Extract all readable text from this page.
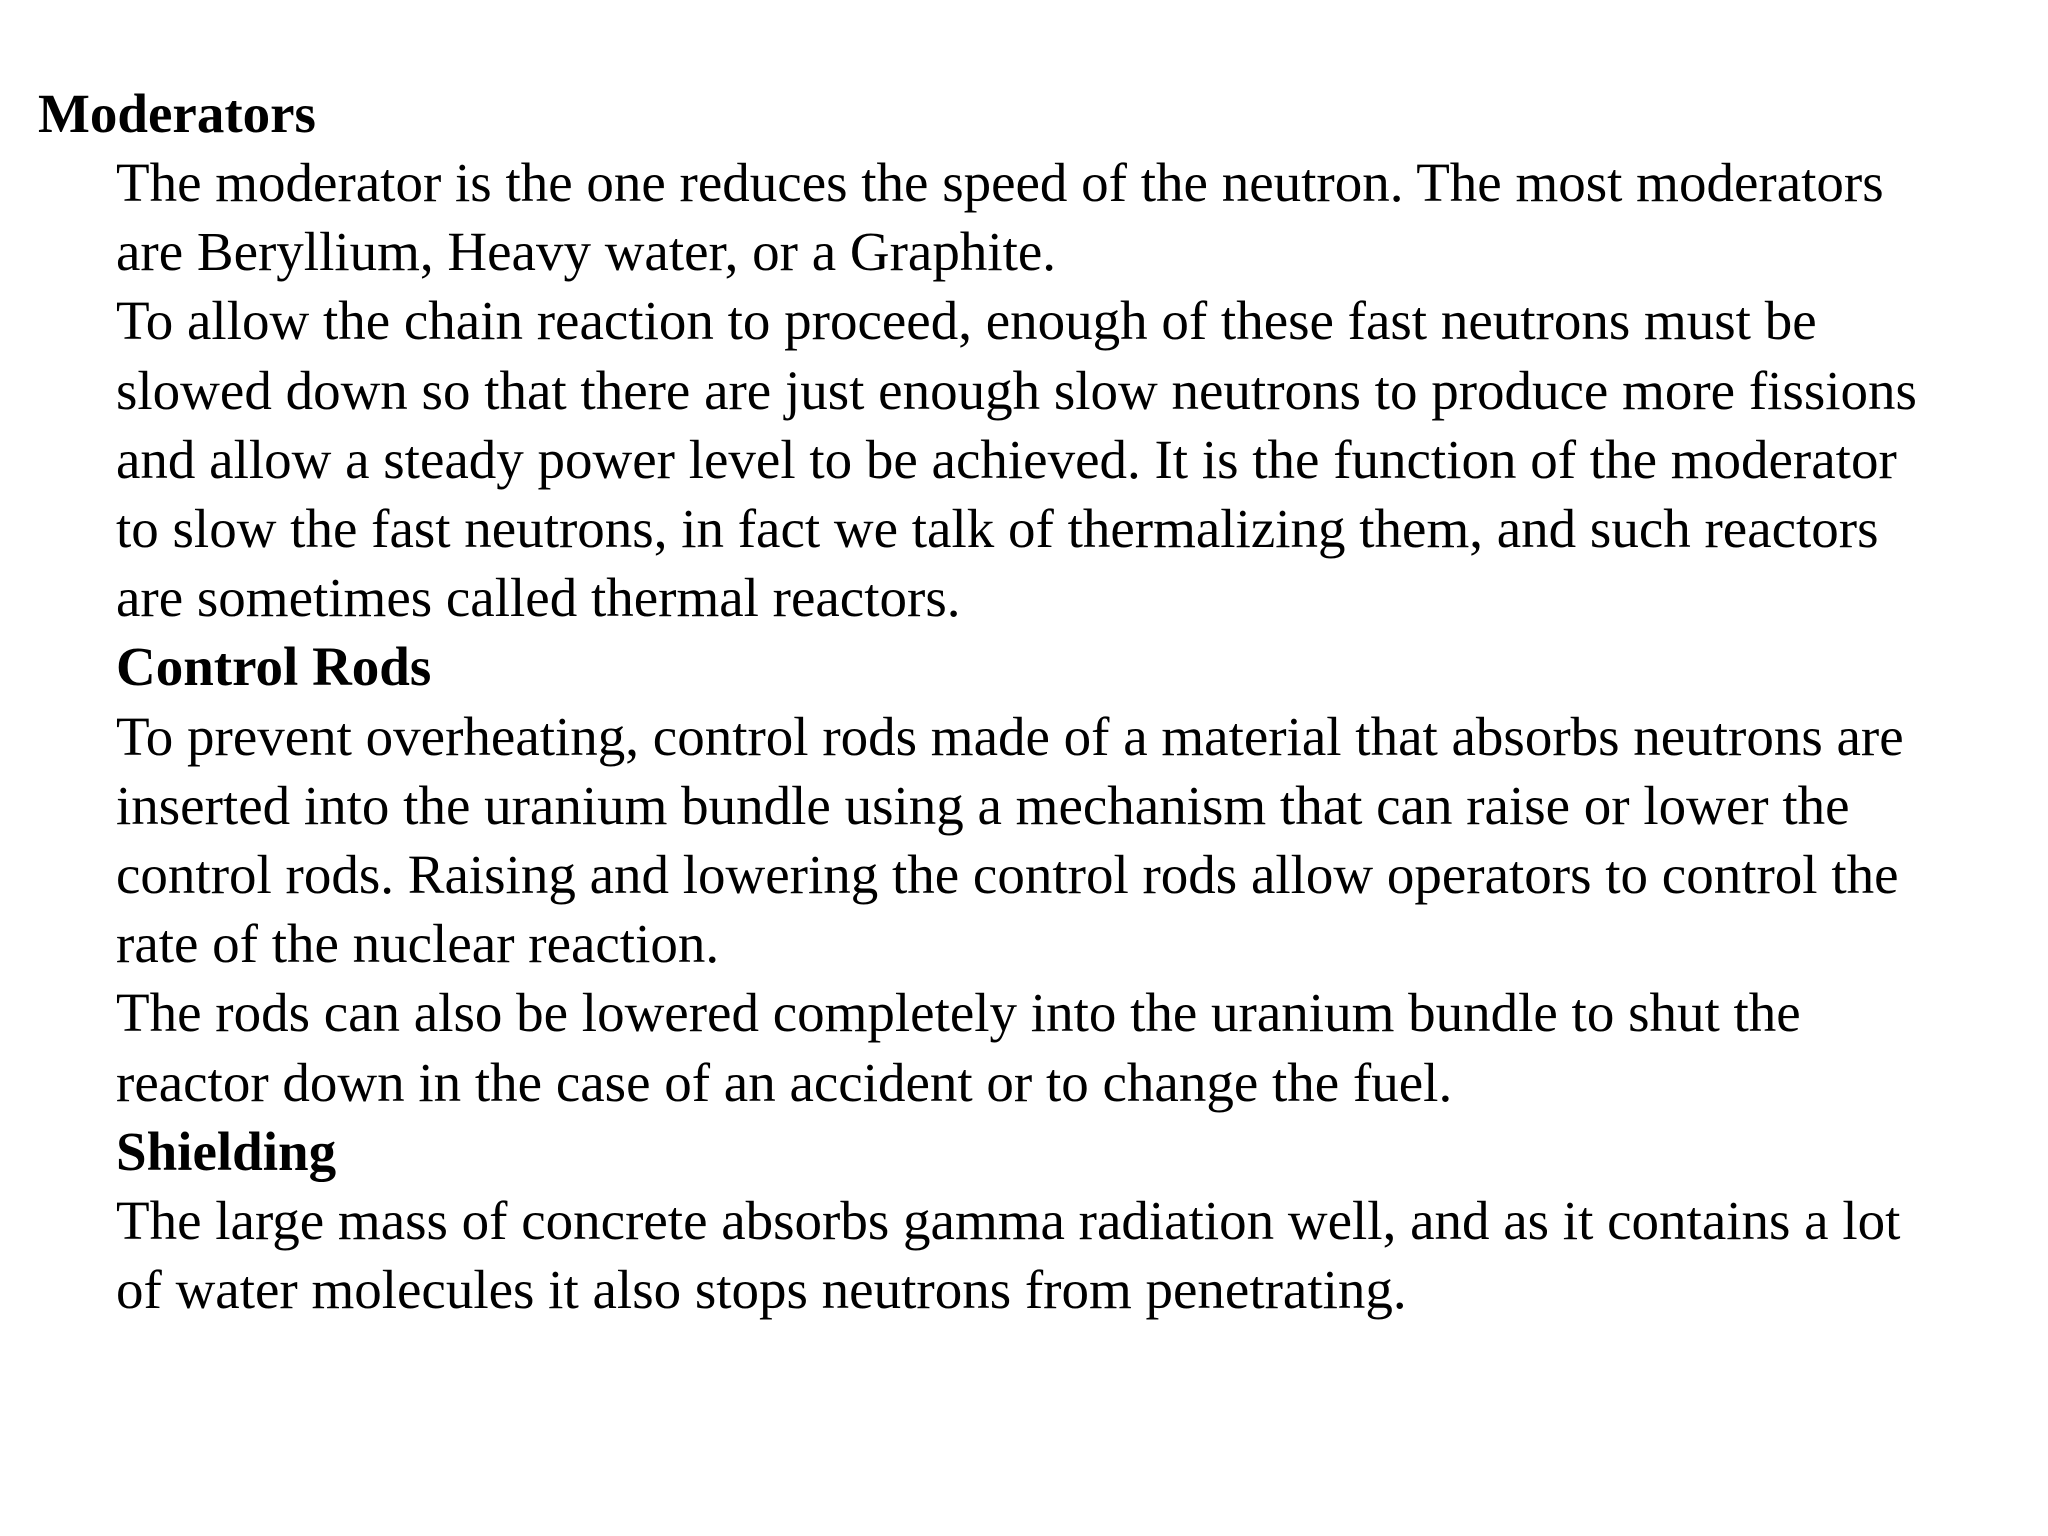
Moderators
The moderator is the one reduces the speed of the neutron. The most moderators
are Beryllium, Heavy water, or a Graphite.
To allow the chain reaction to proceed, enough of these fast neutrons must be
slowed down so that there are just enough slow neutrons to produce more fissions
and allow a steady power level to be achieved. It is the function of the moderator
to slow the fast neutrons, in fact we talk of thermalizing them, and such reactors
are sometimes called thermal reactors.
Control Rods
To prevent overheating, control rods made of a material that absorbs neutrons are
inserted into the uranium bundle using a mechanism that can raise or lower the
control rods. Raising and lowering the control rods allow operators to control the
rate of the nuclear reaction.
The rods can also be lowered completely into the uranium bundle to shut the
reactor down in the case of an accident or to change the fuel.
Shielding
The large mass of concrete absorbs gamma radiation well, and as it contains a lot
of water molecules it also stops neutrons from penetrating.
